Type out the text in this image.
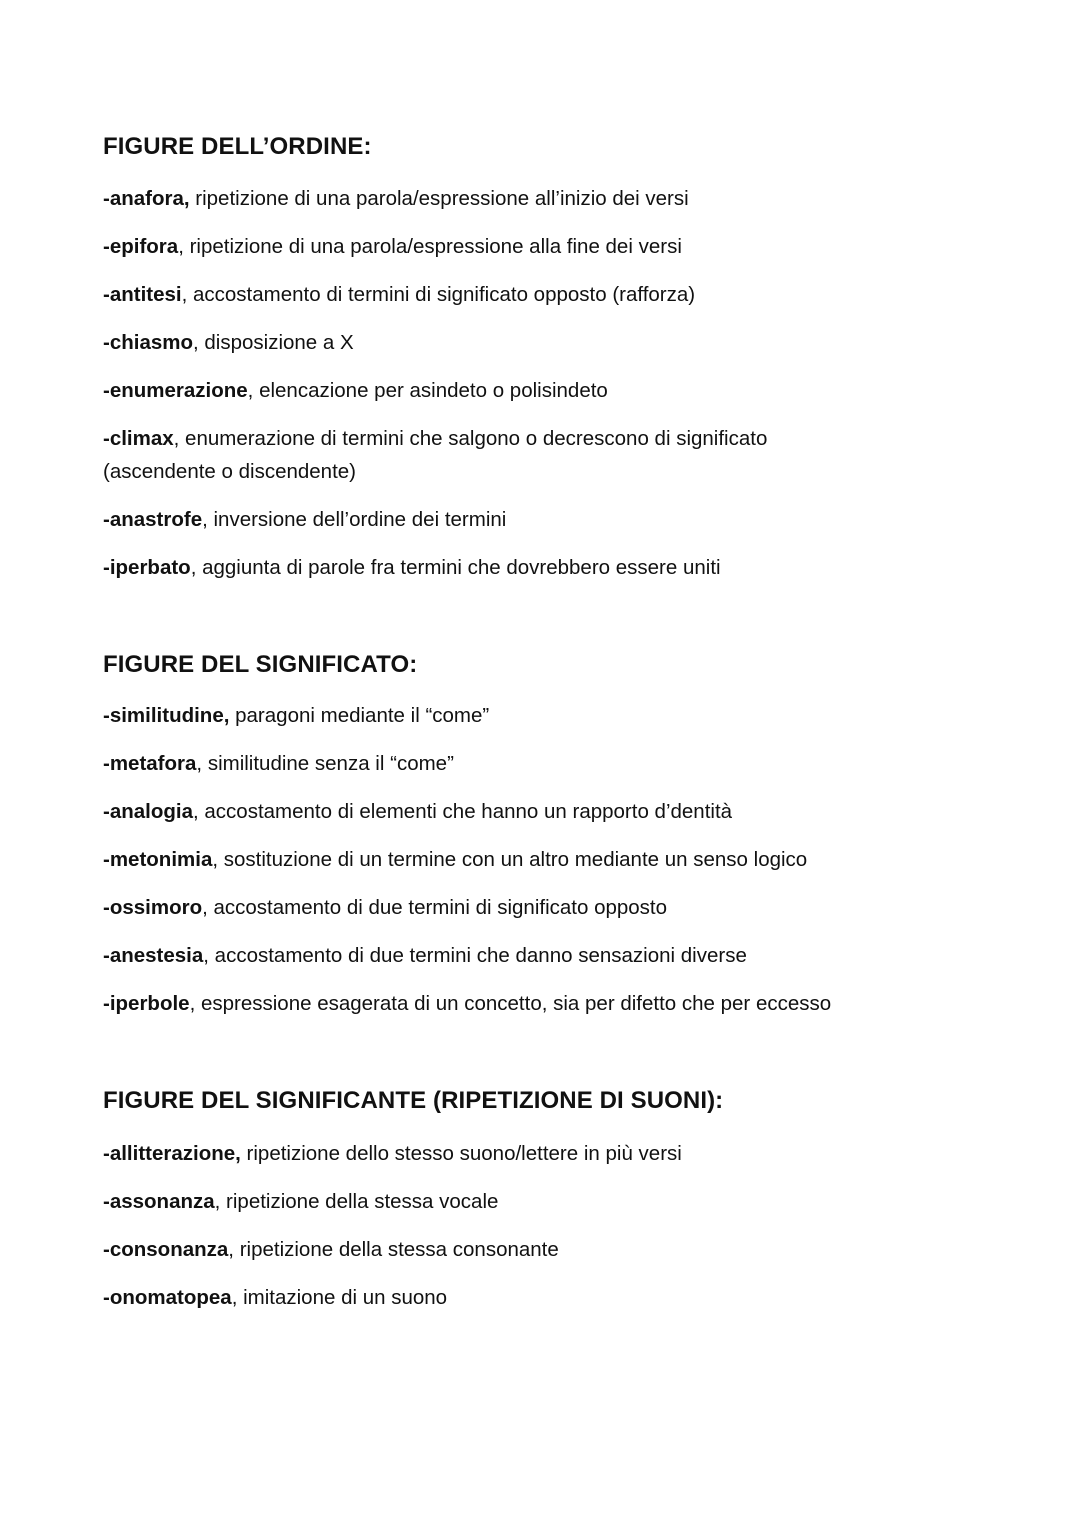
FIGURE DELL’ORDINE:
-anafora, ripetizione di una parola/espressione all’inizio dei versi
-epifora, ripetizione di una parola/espressione alla fine dei versi
-antitesi, accostamento di termini di significato opposto (rafforza)
-chiasmo, disposizione a X
-enumerazione, elencazione per asindeto o polisindeto
-climax, enumerazione di termini che salgono o decrescono di significato (ascendente o discendente)
-anastrofe, inversione dell’ordine dei termini
-iperbato, aggiunta di parole fra termini che dovrebbero essere uniti
FIGURE DEL SIGNIFICATO:
-similitudine, paragoni mediante il “come”
-metafora, similitudine senza il “come”
-analogia, accostamento di elementi che hanno un rapporto d’dentità
-metonimia, sostituzione di un termine con un altro mediante un senso logico
-ossimoro, accostamento di due termini di significato opposto
-anestesia, accostamento di due termini che danno sensazioni diverse
-iperbole, espressione esagerata di un concetto, sia per difetto che per eccesso
FIGURE DEL SIGNIFICANTE (RIPETIZIONE DI SUONI):
-allitterazione, ripetizione dello stesso suono/lettere in più versi
-assonanza, ripetizione della stessa vocale
-consonanza, ripetizione della stessa consonante
-onomatopea, imitazione di un suono
